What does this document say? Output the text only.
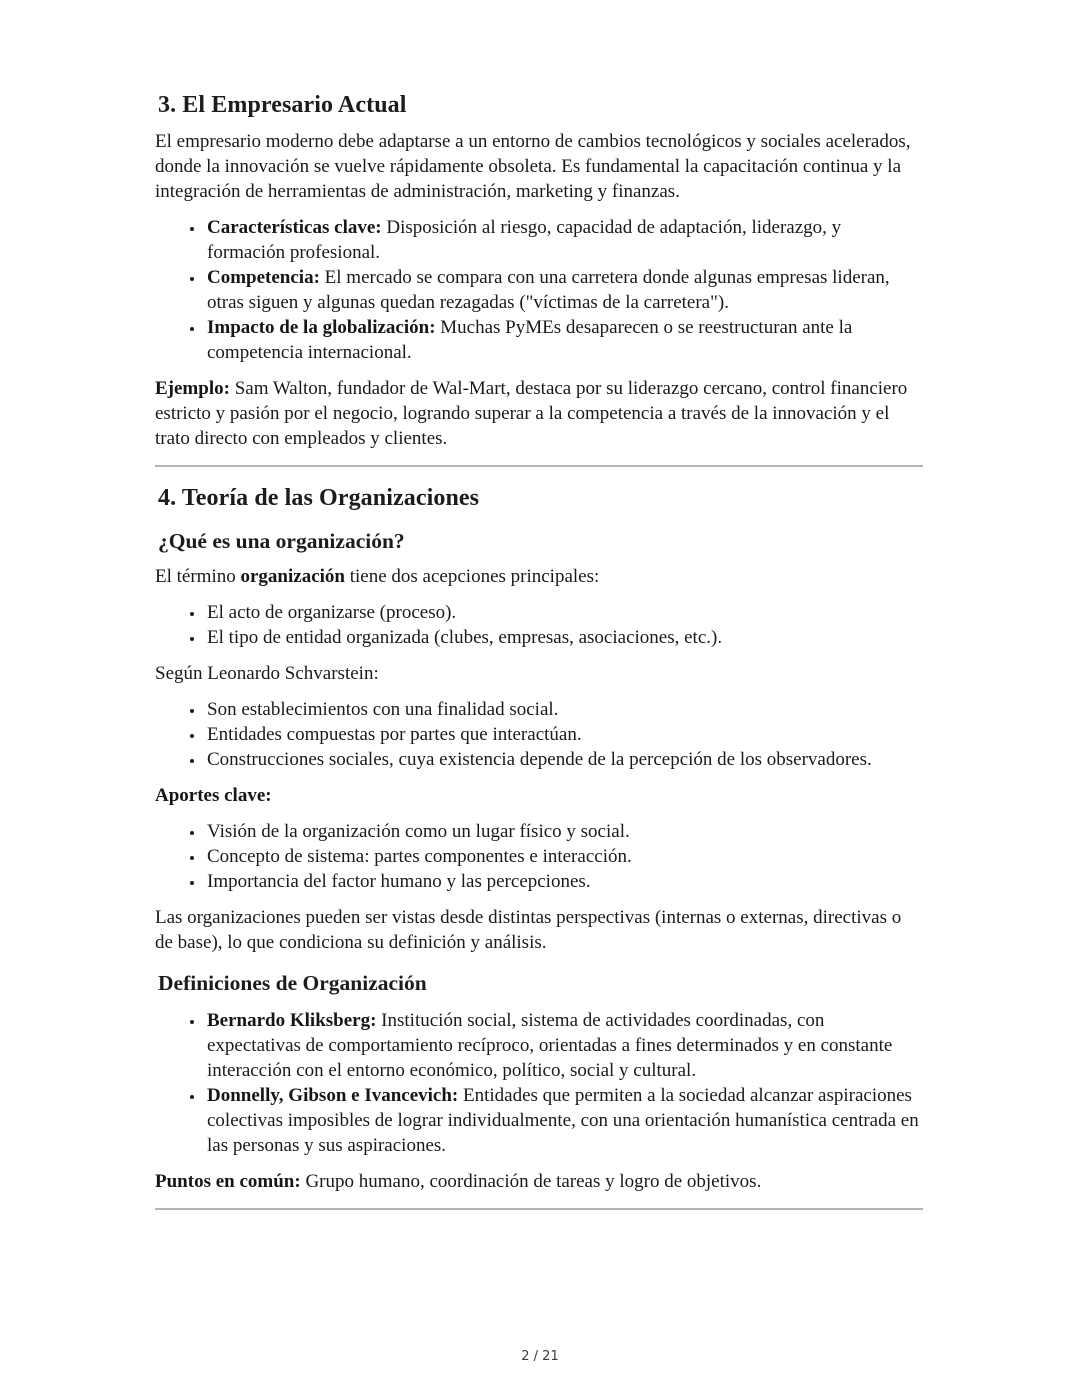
3. El Empresario Actual

El empresario moderno debe adaptarse a un entorno de cambios tecnológicos y sociales acelerados, donde la innovación se vuelve rápidamente obsoleta. Es fundamental la capacitación continua y la integración de herramientas de administración, marketing y finanzas.

• Características clave: Disposición al riesgo, capacidad de adaptación, liderazgo, y formación profesional.
• Competencia: El mercado se compara con una carretera donde algunas empresas lideran, otras siguen y algunas quedan rezagadas ("víctimas de la carretera").
• Impacto de la globalización: Muchas PyMEs desaparecen o se reestructuran ante la competencia internacional.

Ejemplo: Sam Walton, fundador de Wal-Mart, destaca por su liderazgo cercano, control financiero estricto y pasión por el negocio, logrando superar a la competencia a través de la innovación y el trato directo con empleados y clientes.

4. Teoría de las Organizaciones
¿Qué es una organización?

El término organización tiene dos acepciones principales:

• El acto de organizarse (proceso).
• El tipo de entidad organizada (clubes, empresas, asociaciones, etc.).

Según Leonardo Schvarstein:

• Son establecimientos con una finalidad social.
• Entidades compuestas por partes que interactúan.
• Construcciones sociales, cuya existencia depende de la percepción de los observadores.

Aportes clave:

• Visión de la organización como un lugar físico y social.
• Concepto de sistema: partes componentes e interacción.
• Importancia del factor humano y las percepciones.

Las organizaciones pueden ser vistas desde distintas perspectivas (internas o externas, directivas o de base), lo que condiciona su definición y análisis.

Definiciones de Organización
• Bernardo Kliksberg: Institución social, sistema de actividades coordinadas, con expectativas de comportamiento recíproco, orientadas a fines determinados y en constante interacción con el entorno económico, político, social y cultural.
• Donnelly, Gibson e Ivancevich: Entidades que permiten a la sociedad alcanzar aspiraciones colectivas imposibles de lograr individualmente, con una orientación humanística centrada en las personas y sus aspiraciones.

Puntos en común: Grupo humano, coordinación de tareas y logro de objetivos.

2 / 21
